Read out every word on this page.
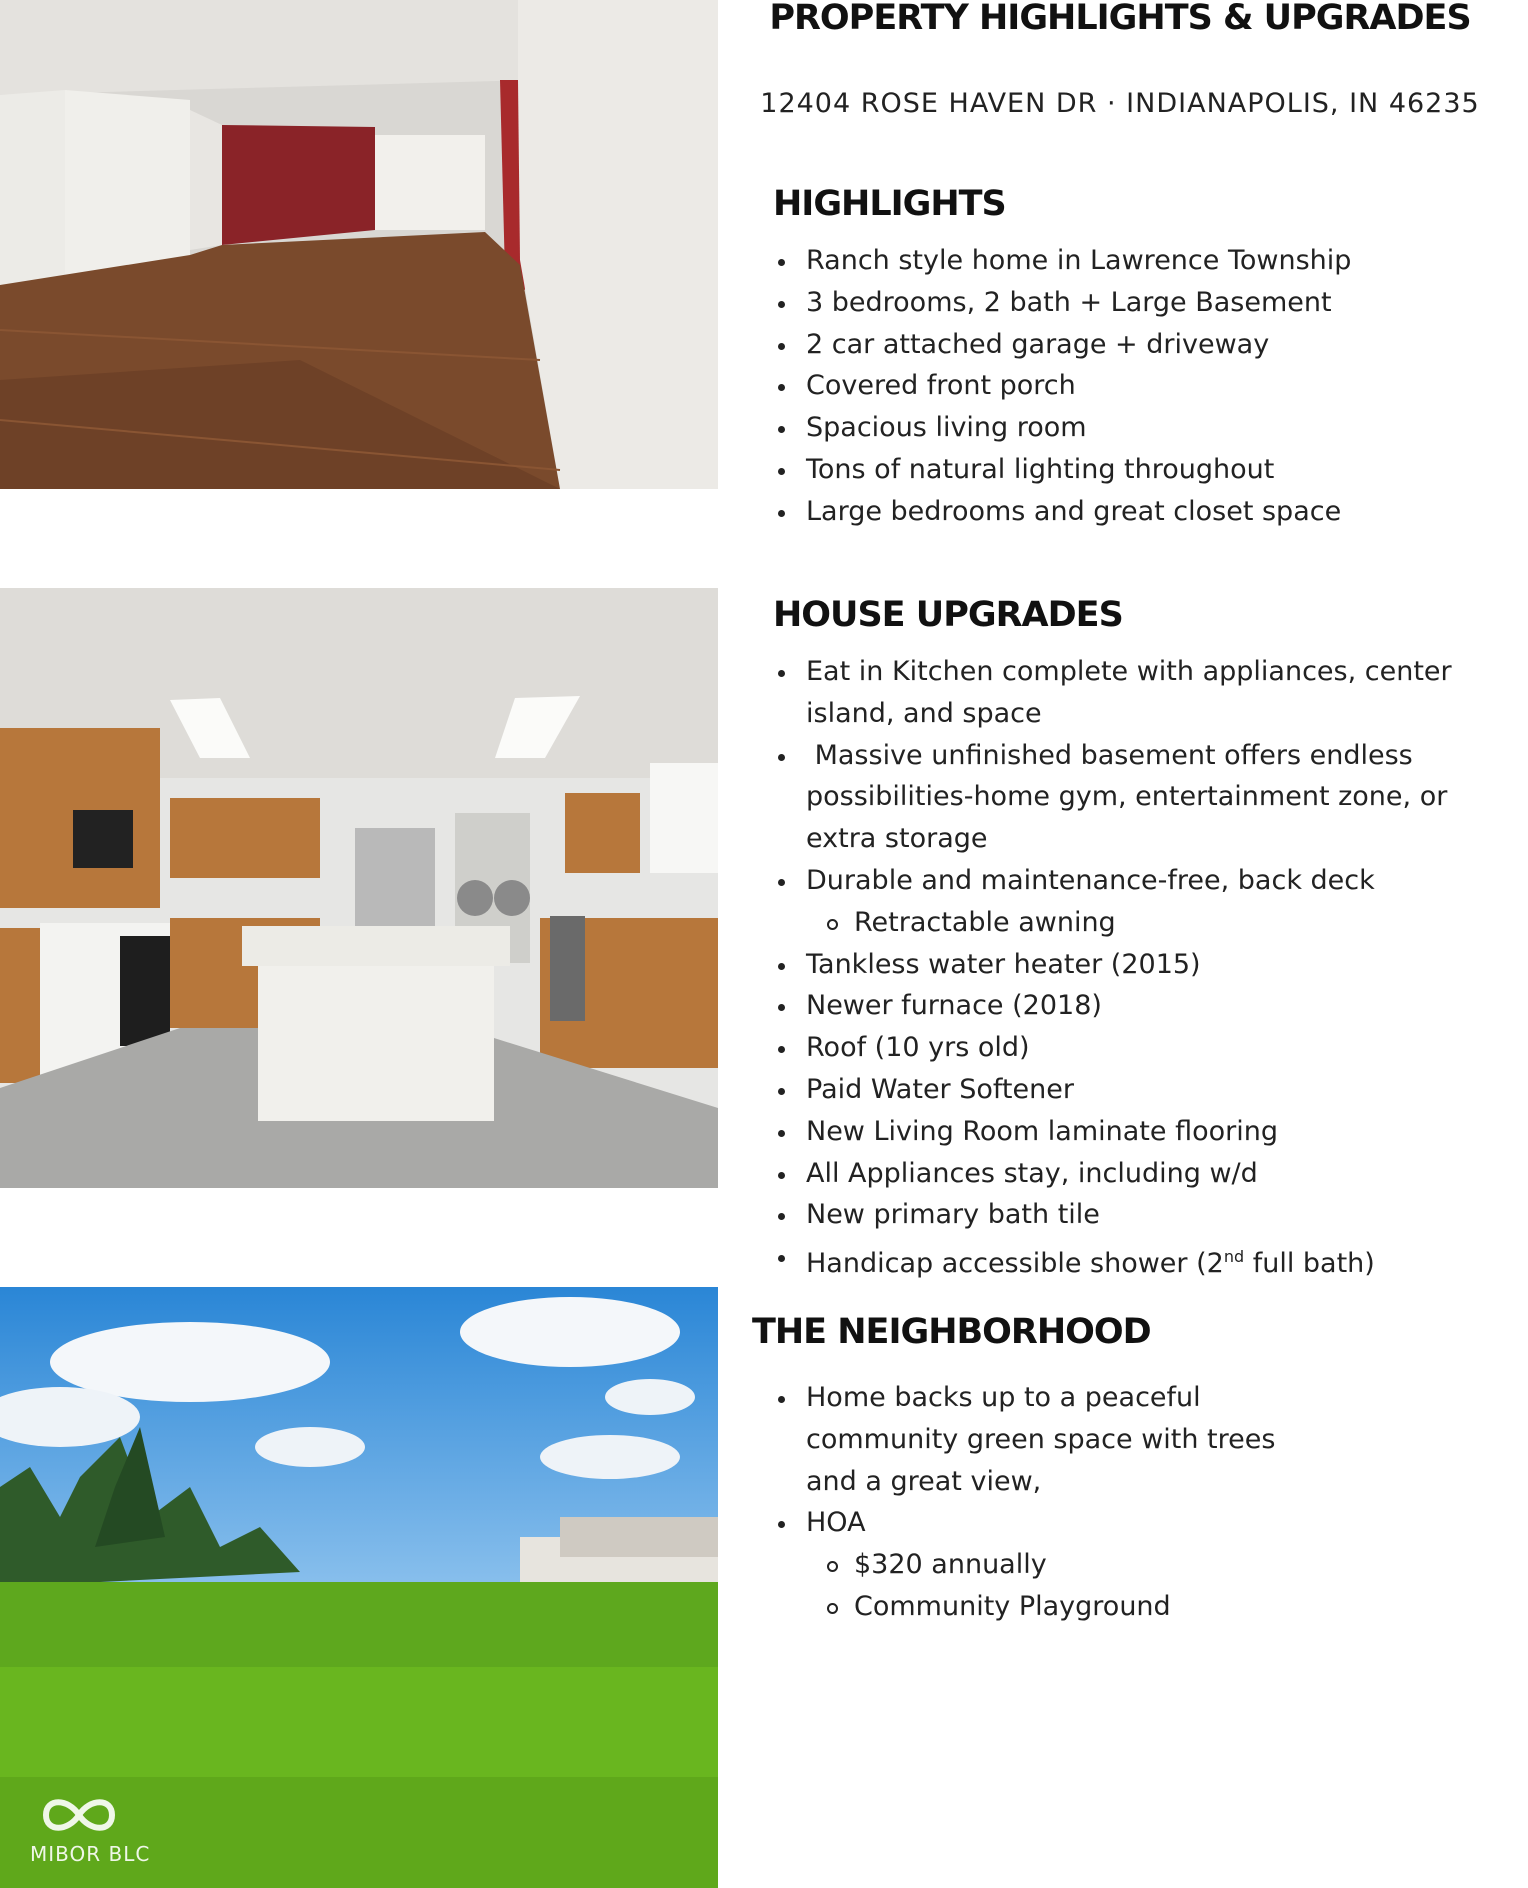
PROPERTY HIGHLIGHTS & UPGRADES

12404 ROSE HAVEN DR · INDIANAPOLIS, IN 46235

HIGHLIGHTS
Ranch style home in Lawrence Township
3 bedrooms, 2 bath + Large Basement
2 car attached garage + driveway
Covered front porch
Spacious living room
Tons of natural lighting throughout
Large bedrooms and great closet space
HOUSE UPGRADES
Eat in Kitchen complete with appliances, center island, and space
Massive unfinished basement offers endless possibilities-home gym, entertainment zone, or extra storage
Durable and maintenance-free, back deck
Retractable awning
Tankless water heater (2015)
Newer furnace (2018)
Roof (10 yrs old)
Paid Water Softener
New Living Room laminate flooring
All Appliances stay, including w/d
New primary bath tile
Handicap accessible shower (2nd full bath)
THE NEIGHBORHOOD
Home backs up to a peaceful community green space with trees and a great view,
HOA
$320 annually
Community Playground
MIBOR BLC
